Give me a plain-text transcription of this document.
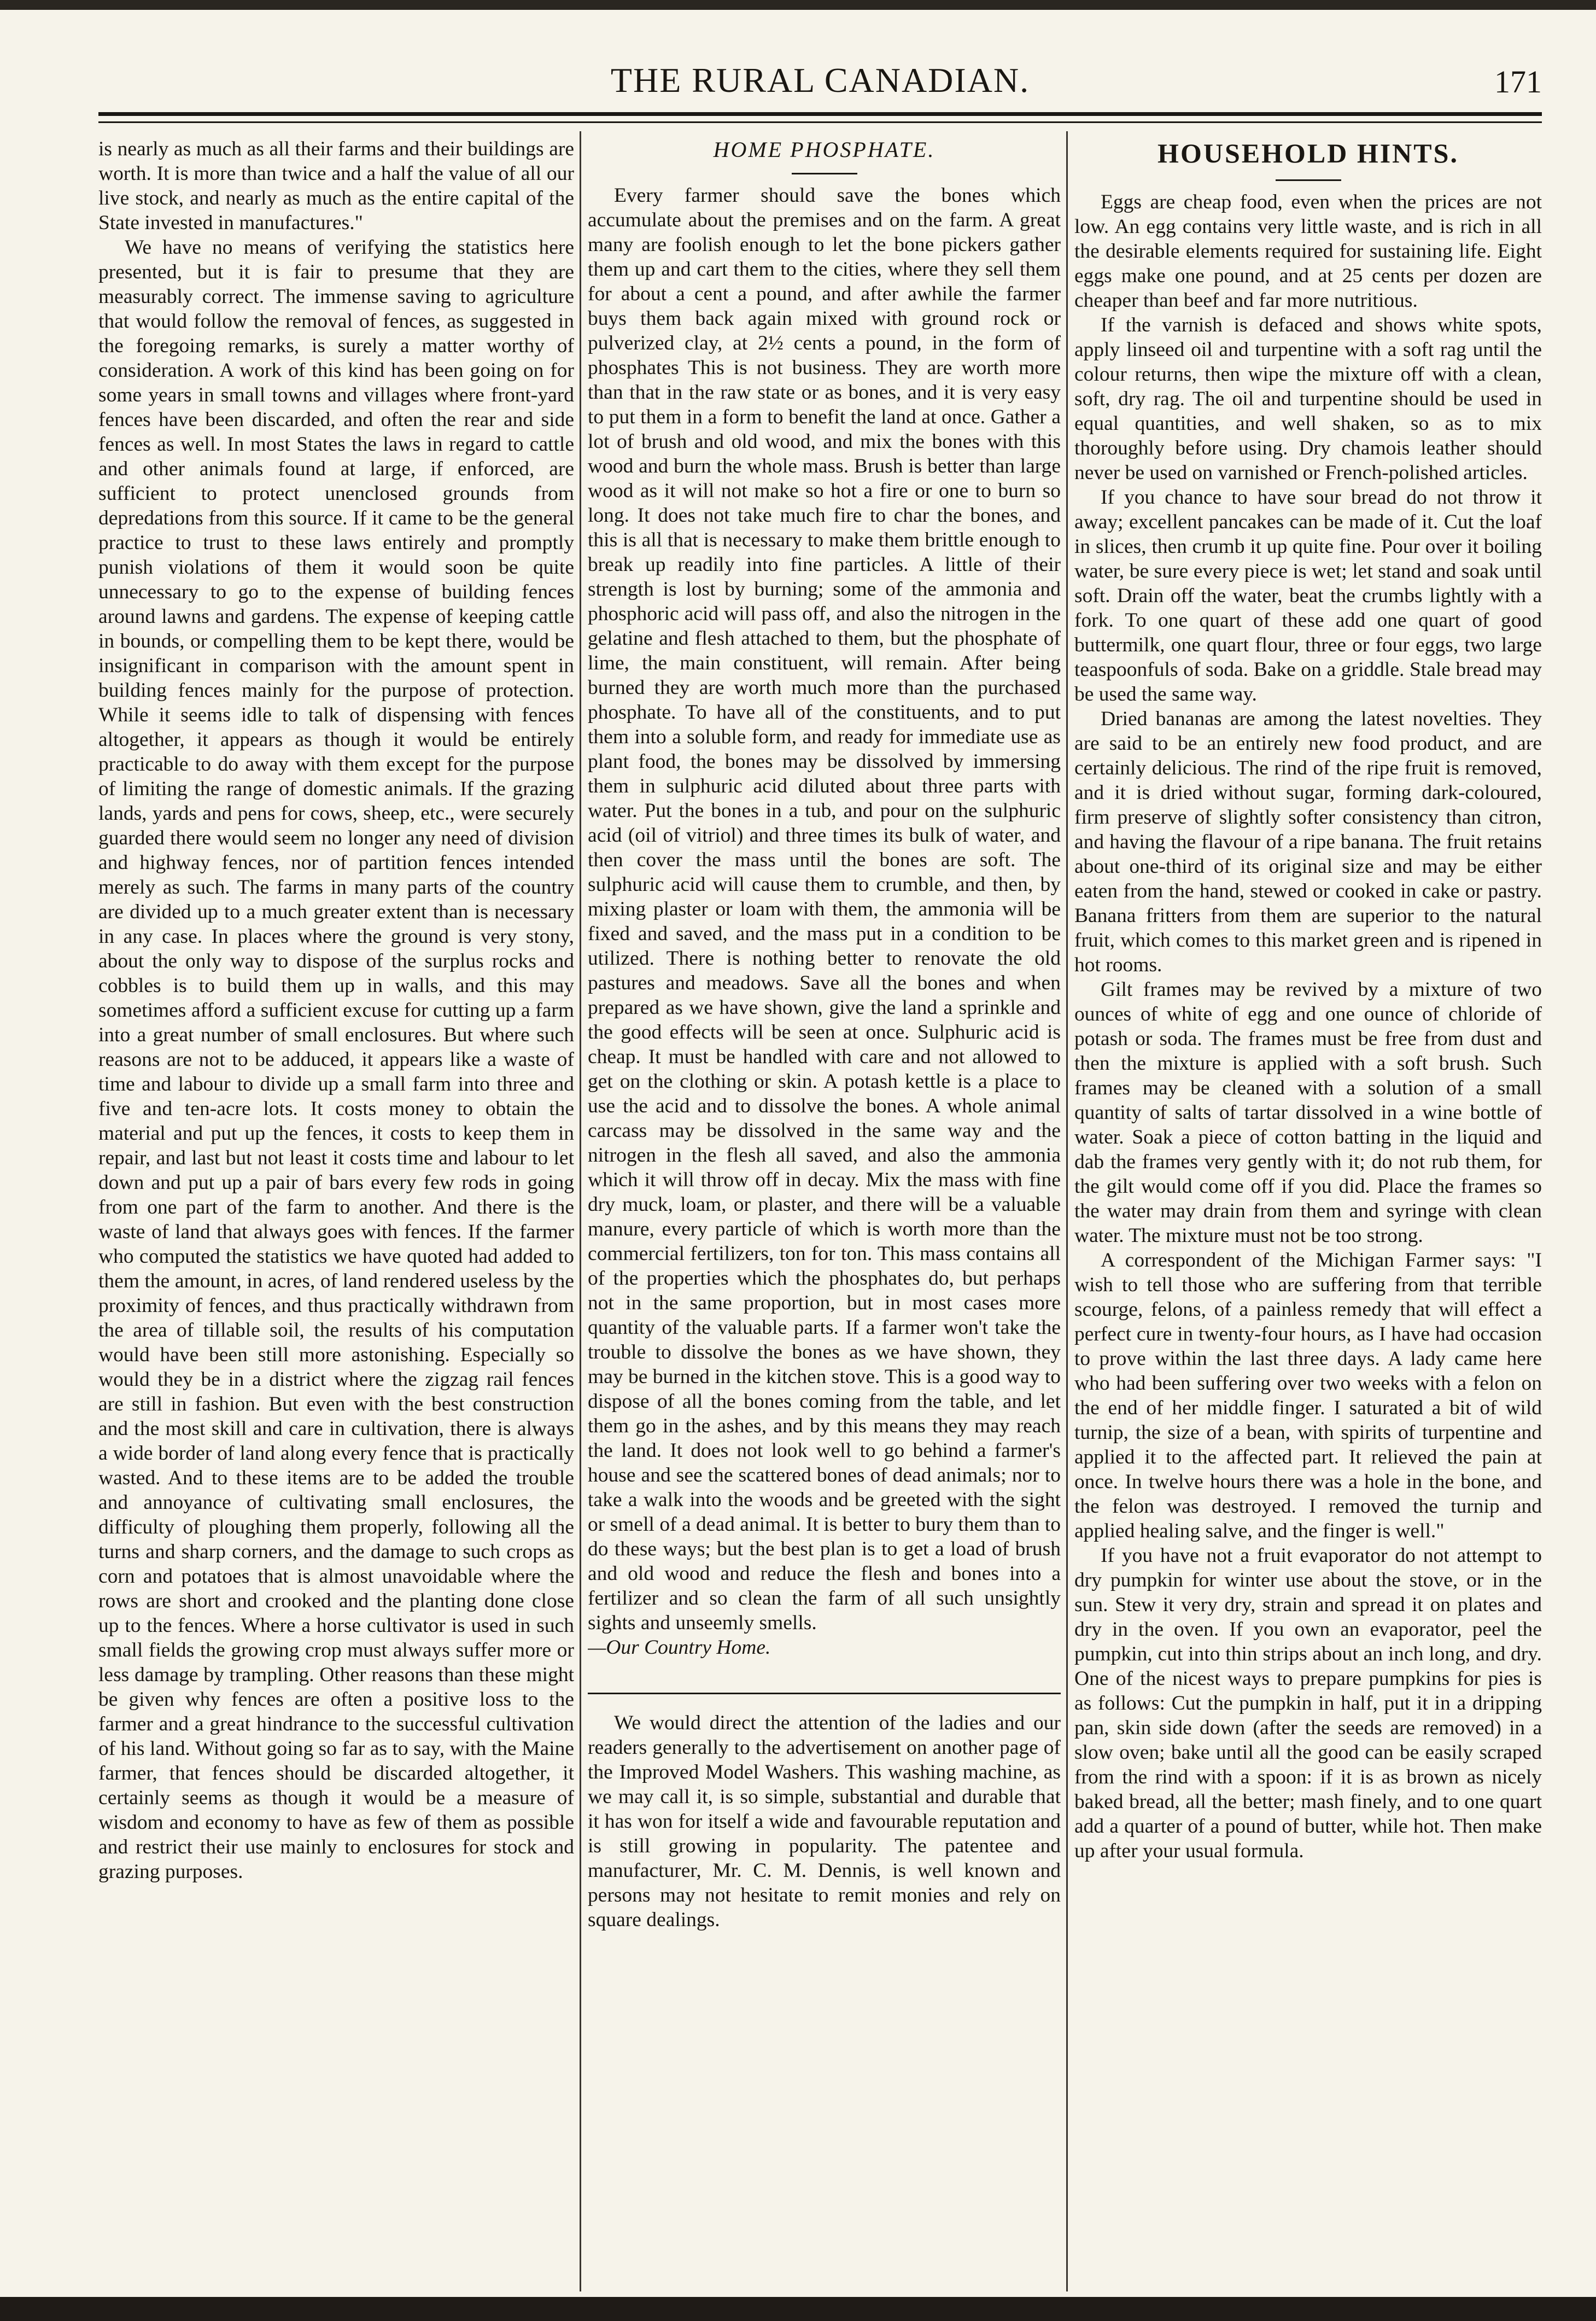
THE RURAL CANADIAN.	171

is nearly as much as all their farms and their buildings are worth. It is more than twice and a half the value of all our live stock, and nearly as much as the entire capital of the State invested in manufactures."

We have no means of verifying the statistics here presented, but it is fair to presume that they are measurably correct. The immense saving to agriculture that would follow the removal of fences, as suggested in the foregoing remarks, is surely a matter worthy of consideration. A work of this kind has been going on for some years in small towns and villages where front-yard fences have been discarded, and often the rear and side fences as well. In most States the laws in regard to cattle and other animals found at large, if enforced, are sufficient to protect unenclosed grounds from depredations from this source. If it came to be the general practice to trust to these laws entirely and promptly punish violations of them it would soon be quite unnecessary to go to the expense of building fences around lawns and gardens. The expense of keeping cattle in bounds, or compelling them to be kept there, would be insignificant in comparison with the amount spent in building fences mainly for the purpose of protection. While it seems idle to talk of dispensing with fences altogether, it appears as though it would be entirely practicable to do away with them except for the purpose of limiting the range of domestic animals. If the grazing lands, yards and pens for cows, sheep, etc., were securely guarded there would seem no longer any need of division and highway fences, nor of partition fences intended merely as such. The farms in many parts of the country are divided up to a much greater extent than is necessary in any case. In places where the ground is very stony, about the only way to dispose of the surplus rocks and cobbles is to build them up in walls, and this may sometimes afford a sufficient excuse for cutting up a farm into a great number of small enclosures. But where such reasons are not to be adduced, it appears like a waste of time and labour to divide up a small farm into three and five and ten-acre lots. It costs money to obtain the material and put up the fences, it costs to keep them in repair, and last but not least it costs time and labour to let down and put up a pair of bars every few rods in going from one part of the farm to another. And there is the waste of land that always goes with fences. If the farmer who computed the statistics we have quoted had added to them the amount, in acres, of land rendered useless by the proximity of fences, and thus practically withdrawn from the area of tillable soil, the results of his computation would have been still more astonishing. Especially so would they be in a district where the zigzag rail fences are still in fashion. But even with the best construction and the most skill and care in cultivation, there is always a wide border of land along every fence that is practically wasted. And to these items are to be added the trouble and annoyance of cultivating small enclosures, the difficulty of ploughing them properly, following all the turns and sharp corners, and the damage to such crops as corn and potatoes that is almost unavoidable where the rows are short and crooked and the planting done close up to the fences. Where a horse cultivator is used in such small fields the growing crop must always suffer more or less damage by trampling. Other reasons than these might be given why fences are often a positive loss to the farmer and a great hindrance to the successful cultivation of his land. Without going so far as to say, with the Maine farmer, that fences should be discarded altogether, it certainly seems as though it would be a measure of wisdom and economy to have as few of them as possible and restrict their use mainly to enclosures for stock and grazing purposes.

HOME PHOSPHATE.

Every farmer should save the bones which accumulate about the premises and on the farm. A great many are foolish enough to let the bone pickers gather them up and cart them to the cities, where they sell them for about a cent a pound, and after awhile the farmer buys them back again mixed with ground rock or pulverized clay, at 2½ cents a pound, in the form of phosphates This is not business. They are worth more than that in the raw state or as bones, and it is very easy to put them in a form to benefit the land at once. Gather a lot of brush and old wood, and mix the bones with this wood and burn the whole mass. Brush is better than large wood as it will not make so hot a fire or one to burn so long. It does not take much fire to char the bones, and this is all that is necessary to make them brittle enough to break up readily into fine particles. A little of their strength is lost by burning; some of the ammonia and phosphoric acid will pass off, and also the nitrogen in the gelatine and flesh attached to them, but the phosphate of lime, the main constituent, will remain. After being burned they are worth much more than the purchased phosphate. To have all of the constituents, and to put them into a soluble form, and ready for immediate use as plant food, the bones may be dissolved by immersing them in sulphuric acid diluted about three parts with water. Put the bones in a tub, and pour on the sulphuric acid (oil of vitriol) and three times its bulk of water, and then cover the mass until the bones are soft. The sulphuric acid will cause them to crumble, and then, by mixing plaster or loam with them, the ammonia will be fixed and saved, and the mass put in a condition to be utilized. There is nothing better to renovate the old pastures and meadows. Save all the bones and when prepared as we have shown, give the land a sprinkle and the good effects will be seen at once. Sulphuric acid is cheap. It must be handled with care and not allowed to get on the clothing or skin. A potash kettle is a place to use the acid and to dissolve the bones. A whole animal carcass may be dissolved in the same way and the nitrogen in the flesh all saved, and also the ammonia which it will throw off in decay. Mix the mass with fine dry muck, loam, or plaster, and there will be a valuable manure, every particle of which is worth more than the commercial fertilizers, ton for ton. This mass contains all of the properties which the phosphates do, but perhaps not in the same proportion, but in most cases more quantity of the valuable parts. If a farmer won't take the trouble to dissolve the bones as we have shown, they may be burned in the kitchen stove. This is a good way to dispose of all the bones coming from the table, and let them go in the ashes, and by this means they may reach the land. It does not look well to go behind a farmer's house and see the scattered bones of dead animals; nor to take a walk into the woods and be greeted with the sight or smell of a dead animal. It is better to bury them than to do these ways; but the best plan is to get a load of brush and old wood and reduce the flesh and bones into a fertilizer and so clean the farm of all such unsightly sights and unseemly smells.

—Our Country Home.

We would direct the attention of the ladies and our readers generally to the advertisement on another page of the Improved Model Washers. This washing machine, as we may call it, is so simple, substantial and durable that it has won for itself a wide and favourable reputation and is still growing in popularity. The patentee and manufacturer, Mr. C. M. Dennis, is well known and persons may not hesitate to remit monies and rely on square dealings.

HOUSEHOLD HINTS.

Eggs are cheap food, even when the prices are not low. An egg contains very little waste, and is rich in all the desirable elements required for sustaining life. Eight eggs make one pound, and at 25 cents per dozen are cheaper than beef and far more nutritious.

If the varnish is defaced and shows white spots, apply linseed oil and turpentine with a soft rag until the colour returns, then wipe the mixture off with a clean, soft, dry rag. The oil and turpentine should be used in equal quantities, and well shaken, so as to mix thoroughly before using. Dry chamois leather should never be used on varnished or French-polished articles.

If you chance to have sour bread do not throw it away; excellent pancakes can be made of it. Cut the loaf in slices, then crumb it up quite fine. Pour over it boiling water, be sure every piece is wet; let stand and soak until soft. Drain off the water, beat the crumbs lightly with a fork. To one quart of these add one quart of good buttermilk, one quart flour, three or four eggs, two large teaspoonfuls of soda. Bake on a griddle. Stale bread may be used the same way.

Dried bananas are among the latest novelties. They are said to be an entirely new food product, and are certainly delicious. The rind of the ripe fruit is removed, and it is dried without sugar, forming dark-coloured, firm preserve of slightly softer consistency than citron, and having the flavour of a ripe banana. The fruit retains about one-third of its original size and may be either eaten from the hand, stewed or cooked in cake or pastry. Banana fritters from them are superior to the natural fruit, which comes to this market green and is ripened in hot rooms.

Gilt frames may be revived by a mixture of two ounces of white of egg and one ounce of chloride of potash or soda. The frames must be free from dust and then the mixture is applied with a soft brush. Such frames may be cleaned with a solution of a small quantity of salts of tartar dissolved in a wine bottle of water. Soak a piece of cotton batting in the liquid and dab the frames very gently with it; do not rub them, for the gilt would come off if you did. Place the frames so the water may drain from them and syringe with clean water. The mixture must not be too strong.

A correspondent of the Michigan Farmer says: "I wish to tell those who are suffering from that terrible scourge, felons, of a painless remedy that will effect a perfect cure in twenty-four hours, as I have had occasion to prove within the last three days. A lady came here who had been suffering over two weeks with a felon on the end of her middle finger. I saturated a bit of wild turnip, the size of a bean, with spirits of turpentine and applied it to the affected part. It relieved the pain at once. In twelve hours there was a hole in the bone, and the felon was destroyed. I removed the turnip and applied healing salve, and the finger is well."

If you have not a fruit evaporator do not attempt to dry pumpkin for winter use about the stove, or in the sun. Stew it very dry, strain and spread it on plates and dry in the oven. If you own an evaporator, peel the pumpkin, cut into thin strips about an inch long, and dry. One of the nicest ways to prepare pumpkins for pies is as follows: Cut the pumpkin in half, put it in a dripping pan, skin side down (after the seeds are removed) in a slow oven; bake until all the good can be easily scraped from the rind with a spoon: if it is as brown as nicely baked bread, all the better; mash finely, and to one quart add a quarter of a pound of butter, while hot. Then make up after your usual formula.
